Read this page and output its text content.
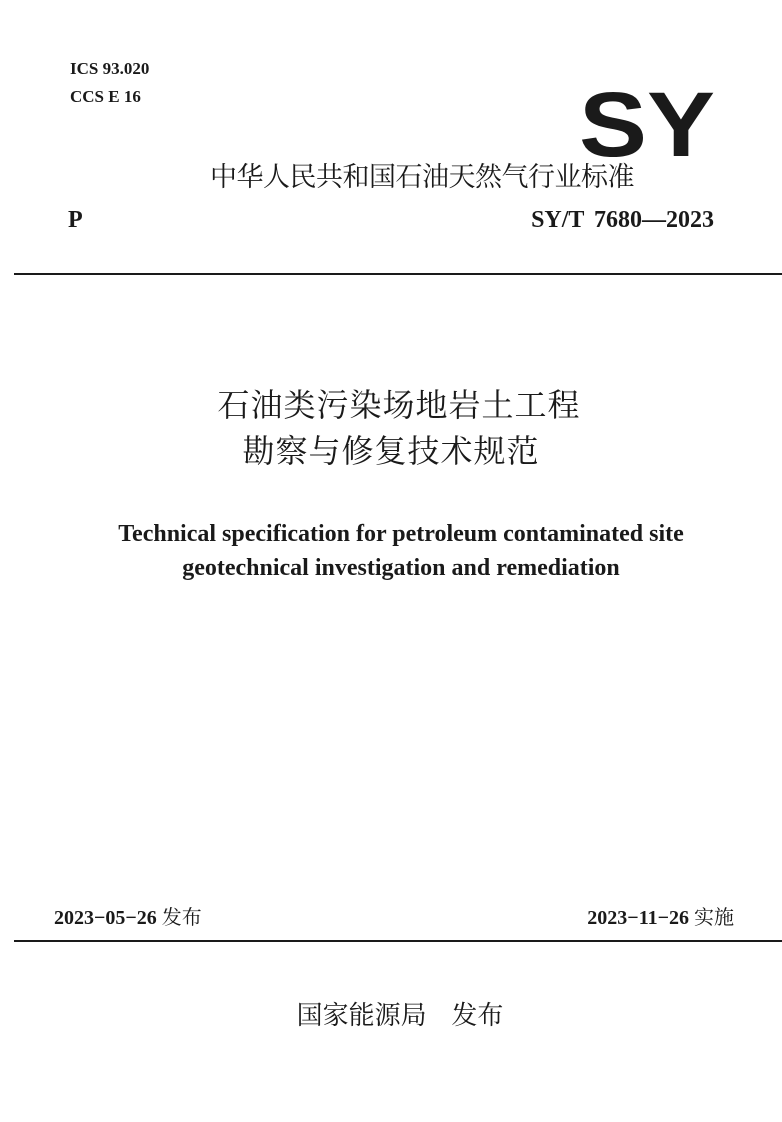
ICS 93.020
CCS E 16	SY
中华人民共和国石油天然气行业标准
P	SY/T 7680—2023
石油类污染场地岩土工程
勘察与修复技术规范
Technical specification for petroleum contaminated site
geotechnical investigation and remediation
2023−05−26 发布	2023−11−26 实施
国家能源局 发布
